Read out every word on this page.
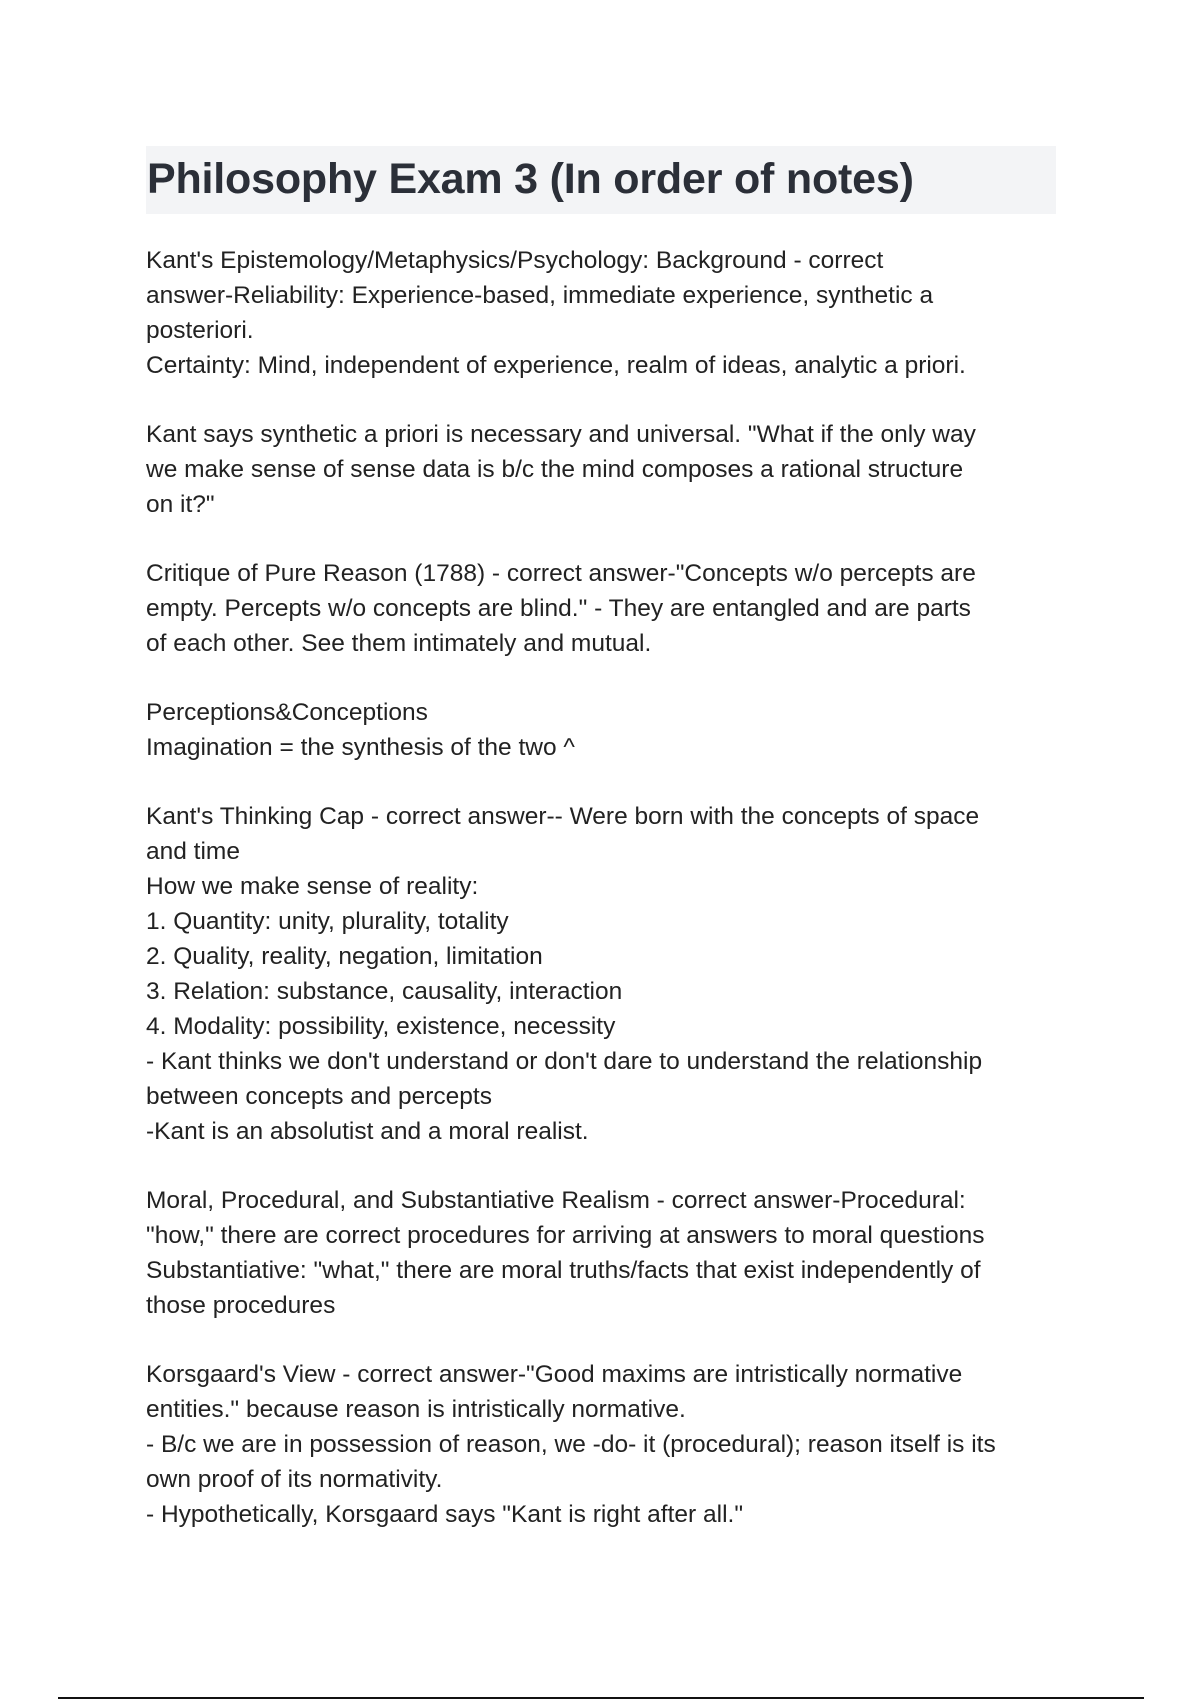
Philosophy Exam 3 (In order of notes)
Kant's Epistemology/Metaphysics/Psychology: Background - correct
answer-Reliability: Experience-based, immediate experience, synthetic a
posteriori.
Certainty: Mind, independent of experience, realm of ideas, analytic a priori.
Kant says synthetic a priori is necessary and universal. "What if the only way
we make sense of sense data is b/c the mind composes a rational structure
on it?"
Critique of Pure Reason (1788) - correct answer-"Concepts w/o percepts are
empty. Percepts w/o concepts are blind." - They are entangled and are parts
of each other. See them intimately and mutual.
Perceptions&Conceptions
Imagination = the synthesis of the two ^
Kant's Thinking Cap - correct answer-- Were born with the concepts of space
and time
How we make sense of reality:
1. Quantity: unity, plurality, totality
2. Quality, reality, negation, limitation
3. Relation: substance, causality, interaction
4. Modality: possibility, existence, necessity
- Kant thinks we don't understand or don't dare to understand the relationship
between concepts and percepts
-Kant is an absolutist and a moral realist.
Moral, Procedural, and Substantiative Realism - correct answer-Procedural:
"how," there are correct procedures for arriving at answers to moral questions
Substantiative: "what," there are moral truths/facts that exist independently of
those procedures
Korsgaard's View - correct answer-"Good maxims are intristically normative
entities." because reason is intristically normative.
- B/c we are in possession of reason, we -do- it (procedural); reason itself is its
own proof of its normativity.
- Hypothetically, Korsgaard says "Kant is right after all."
